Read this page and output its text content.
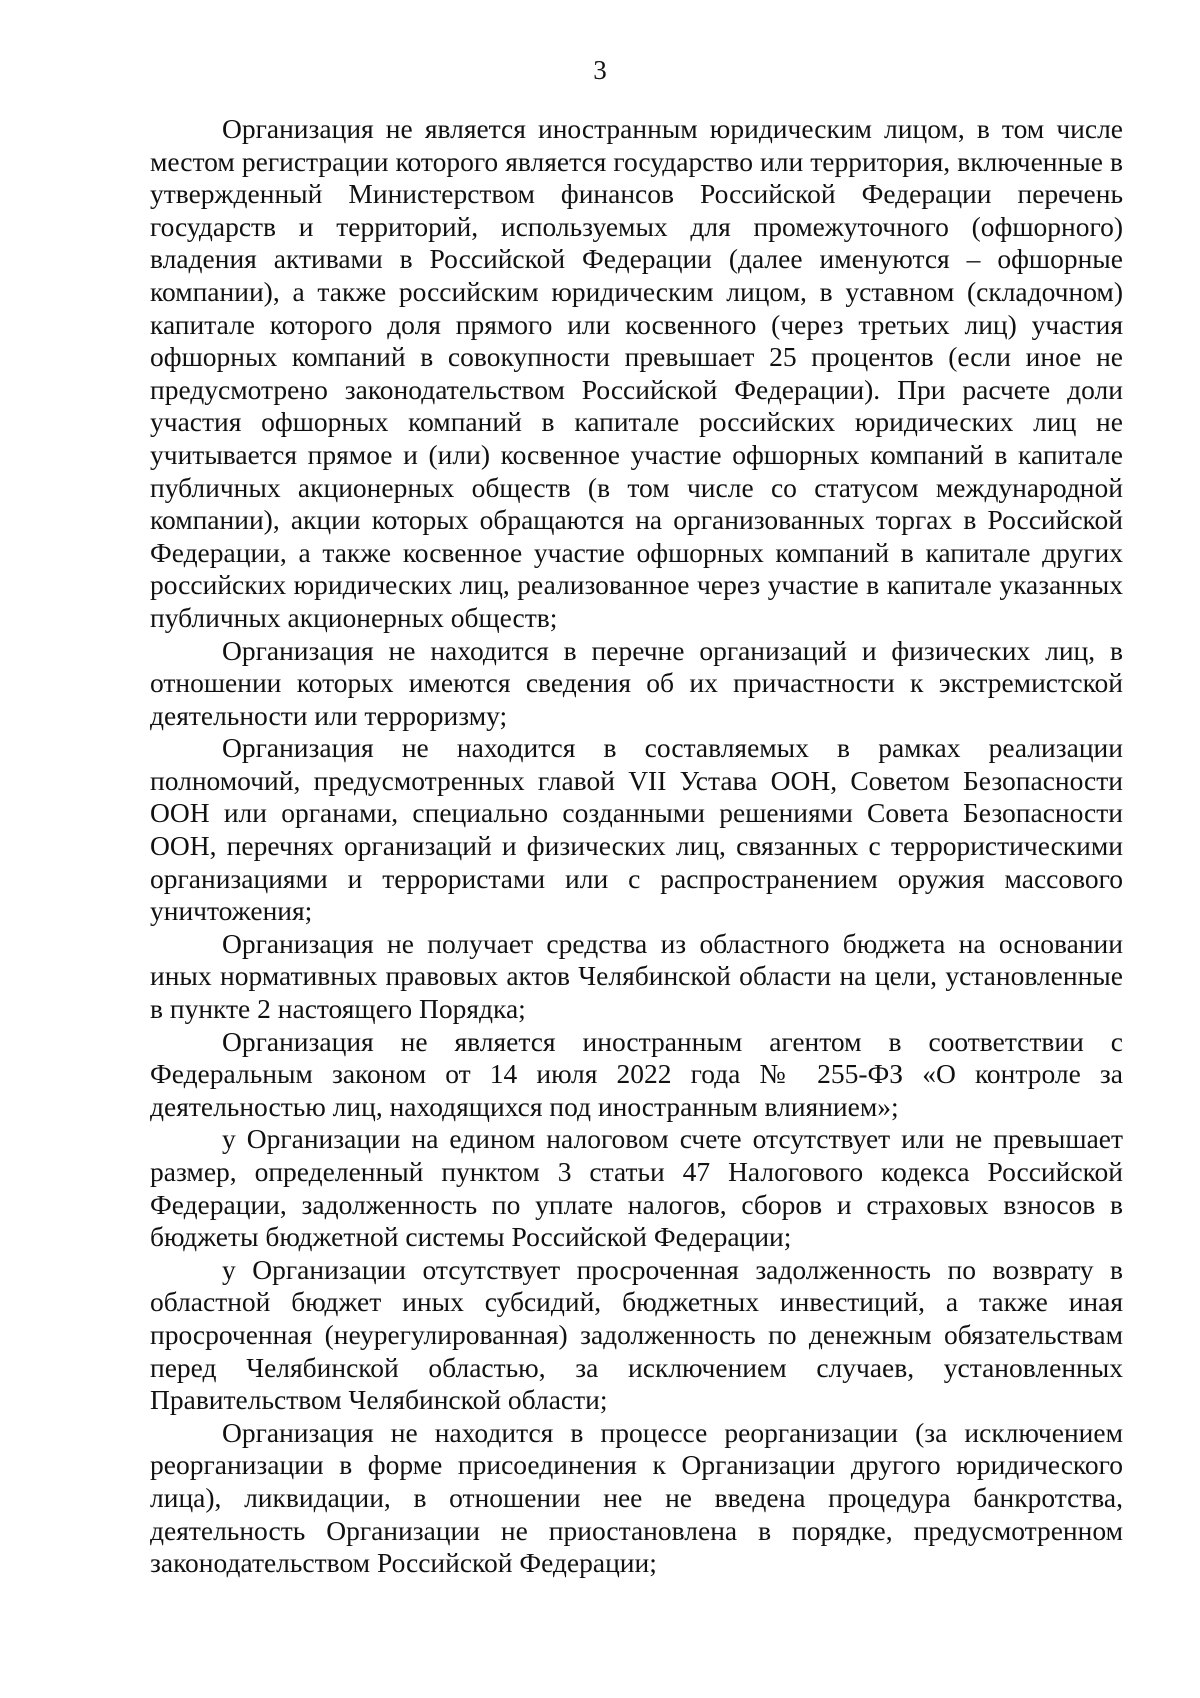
3

Организация не является иностранным юридическим лицом, в том числе местом регистрации которого является государство или территория, включенные в утвержденный Министерством финансов Российской Федерации перечень государств и территорий, используемых для промежуточного (офшорного) владения активами в Российской Федерации (далее именуются – офшорные компании), а также российским юридическим лицом, в уставном (складочном) капитале которого доля прямого или косвенного (через третьих лиц) участия офшорных компаний в совокупности превышает 25 процентов (если иное не предусмотрено законодательством Российской Федерации). При расчете доли участия офшорных компаний в капитале российских юридических лиц не учитывается прямое и (или) косвенное участие офшорных компаний в капитале публичных акционерных обществ (в том числе со статусом международной компании), акции которых обращаются на организованных торгах в Российской Федерации, а также косвенное участие офшорных компаний в капитале других российских юридических лиц, реализованное через участие в капитале указанных публичных акционерных обществ;

Организация не находится в перечне организаций и физических лиц, в отношении которых имеются сведения об их причастности к экстремистской деятельности или терроризму;

Организация не находится в составляемых в рамках реализации полномочий, предусмотренных главой VII Устава ООН, Советом Безопасности ООН или органами, специально созданными решениями Совета Безопасности ООН, перечнях организаций и физических лиц, связанных с террористическими организациями и террористами или с распространением оружия массового уничтожения;

Организация не получает средства из областного бюджета на основании иных нормативных правовых актов Челябинской области на цели, установленные в пункте 2 настоящего Порядка;

Организация не является иностранным агентом в соответствии с Федеральным законом от 14 июля 2022 года № 255-ФЗ «О контроле за деятельностью лиц, находящихся под иностранным влиянием»;

у Организации на едином налоговом счете отсутствует или не превышает размер, определенный пунктом 3 статьи 47 Налогового кодекса Российской Федерации, задолженность по уплате налогов, сборов и страховых взносов в бюджеты бюджетной системы Российской Федерации;

у Организации отсутствует просроченная задолженность по возврату в областной бюджет иных субсидий, бюджетных инвестиций, а также иная просроченная (неурегулированная) задолженность по денежным обязательствам перед Челябинской областью, за исключением случаев, установленных Правительством Челябинской области;

Организация не находится в процессе реорганизации (за исключением реорганизации в форме присоединения к Организации другого юридического лица), ликвидации, в отношении нее не введена процедура банкротства, деятельность Организации не приостановлена в порядке, предусмотренном законодательством Российской Федерации;
